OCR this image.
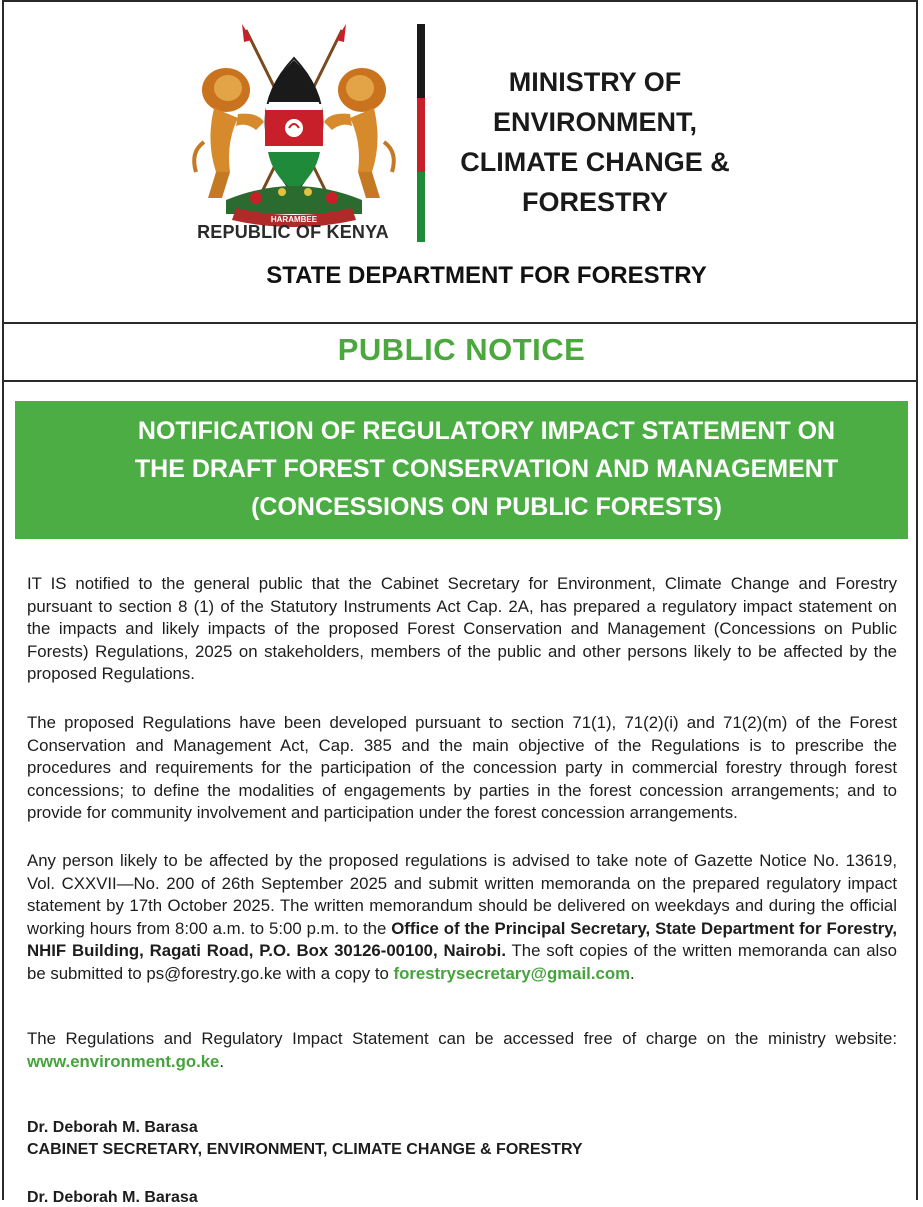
HARAMBEE
REPUBLIC OF KENYA
MINISTRY OF
ENVIRONMENT,
CLIMATE CHANGE &
FORESTRY
STATE DEPARTMENT FOR FORESTRY
PUBLIC NOTICE
NOTIFICATION OF REGULATORY IMPACT STATEMENT ON
THE DRAFT FOREST CONSERVATION AND MANAGEMENT
(CONCESSIONS ON PUBLIC FORESTS)
IT IS notified to the general public that the Cabinet Secretary for Environment, Climate Change and Forestry pursuant to section 8 (1) of the Statutory Instruments Act Cap. 2A, has prepared a regulatory impact statement on the impacts and likely impacts of the proposed Forest Conservation and Management (Concessions on Public Forests) Regulations, 2025 on stakeholders, members of the public and other persons likely to be affected by the proposed Regulations.
The proposed Regulations have been developed pursuant to section 71(1), 71(2)(i) and 71(2)(m) of the Forest Conservation and Management Act, Cap. 385 and the main objective of the Regulations is to prescribe the procedures and requirements for the participation of the concession party in commercial forestry through forest concessions; to define the modalities of engagements by parties in the forest concession arrangements; and to provide for community involvement and participation under the forest concession arrangements.
Any person likely to be affected by the proposed regulations is advised to take note of Gazette Notice No. 13619, Vol. CXXVII—No. 200 of 26th September 2025 and submit written memoranda on the prepared regulatory impact statement by 17th October 2025. The written memorandum should be delivered on weekdays and during the official working hours from 8:00 a.m. to 5:00 p.m. to the Office of the Principal Secretary, State Department for Forestry, NHIF Building, Ragati Road, P.O. Box 30126-00100, Nairobi. The soft copies of the written memoranda can also be submitted to ps@forestry.go.ke with a copy to forestrysecretary@gmail.com.
The Regulations and Regulatory Impact Statement can be accessed free of charge on the ministry website: www.environment.go.ke.
Dr. Deborah M. Barasa
CABINET SECRETARY, ENVIRONMENT, CLIMATE CHANGE & FORESTRY
Dr. Deborah M. Barasa
